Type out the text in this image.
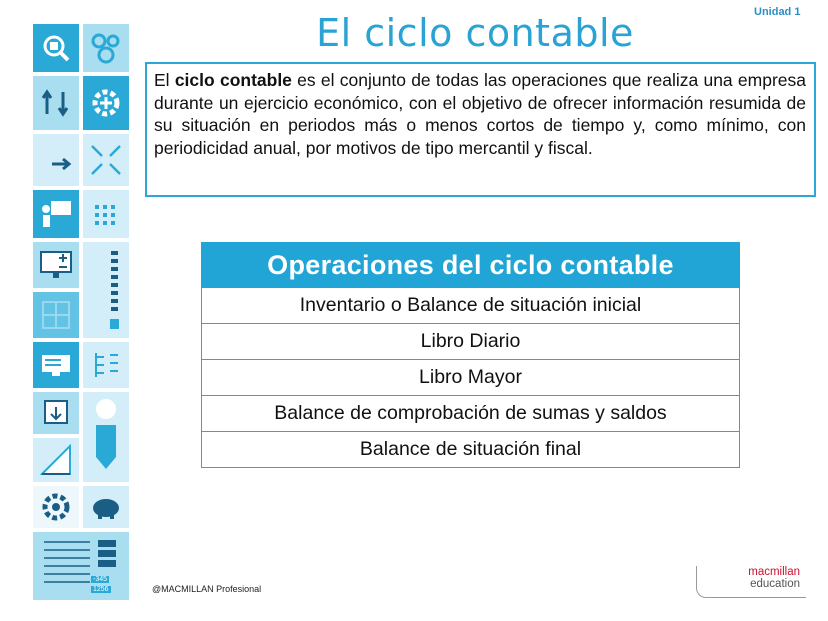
-345
1256
Unidad 1
El ciclo contable
El ciclo contable es el conjunto de todas las operaciones que realiza una empresa durante un ejercicio económico, con el objetivo de ofrecer información resumida de su situación en periodos más o menos cortos de tiempo y, como mínimo, con periodicidad anual, por motivos de tipo mercantil y fiscal.
Operaciones del ciclo contable
Inventario o Balance de situación inicial
Libro Diario
Libro Mayor
Balance de comprobación de sumas y saldos
Balance de situación final
@MACMILLAN Profesional
macmillan
education
